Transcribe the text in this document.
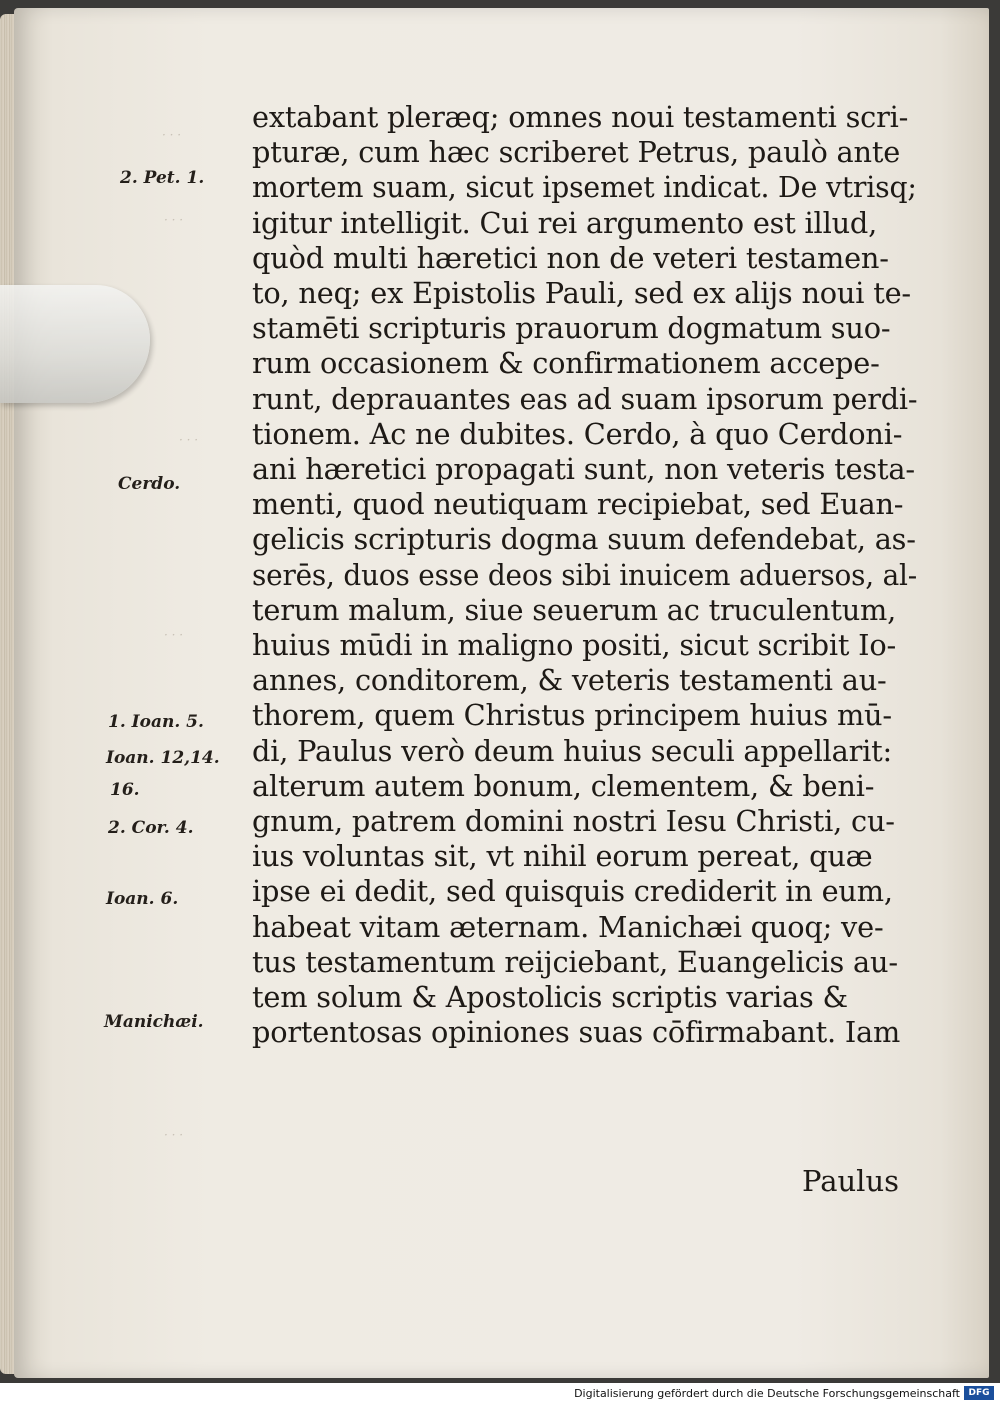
· · ·
· · ·
· · ·
· · ·
· · ·
2. Pet. 1.
Cerdo.
1. Ioan. 5.
Ioan. 12,14.
16.
2. Cor. 4.
Ioan. 6.
Manichæi.
extabant pleræq; omnes noui testamenti scri-
pturæ, cum hæc scriberet Petrus, paulò ante
mortem suam, sicut ipsemet indicat. De vtrisq;
igitur intelligit. Cui rei argumento est illud,
quòd multi hæretici non de veteri testamen-
to, neq; ex Epistolis Pauli, sed ex alijs noui te-
stamēti scripturis prauorum dogmatum suo-
rum occasionem & confirmationem accepe-
runt, deprauantes eas ad suam ipsorum perdi-
tionem. Ac ne dubites. Cerdo, à quo Cerdoni-
ani hæretici propagati sunt, non veteris testa-
menti, quod neutiquam recipiebat, sed Euan-
gelicis scripturis dogma suum defendebat, as-
serēs, duos esse deos sibi inuicem aduersos, al-
terum malum, siue seuerum ac truculentum,
huius mūdi in maligno positi, sicut scribit Io-
annes, conditorem, & veteris testamenti au-
thorem, quem Christus principem huius mū-
di, Paulus verò deum huius seculi appellarit:
alterum autem bonum, clementem, & beni-
gnum, patrem domini nostri Iesu Christi, cu-
ius voluntas sit, vt nihil eorum pereat, quæ
ipse ei dedit, sed quisquis crediderit in eum,
habeat vitam æternam. Manichæi quoq; ve-
tus testamentum reijciebant, Euangelicis au-
tem solum & Apostolicis scriptis varias &
portentosas opiniones suas cōfirmabant. Iam
Paulus
Digitalisierung gefördert durch die Deutsche Forschungsgemeinschaft DFG
